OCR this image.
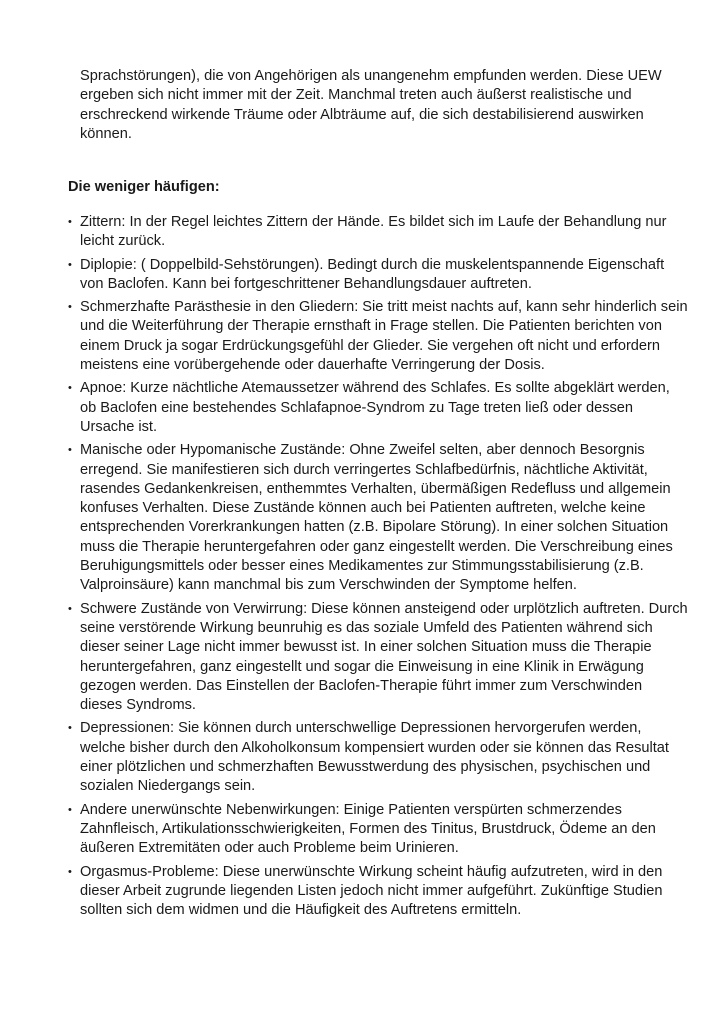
Sprachstörungen), die von Angehörigen als unangenehm empfunden werden. Diese UEW ergeben sich nicht immer mit der Zeit. Manchmal treten auch äußerst realistische und erschreckend wirkende Träume oder Albträume auf, die sich destabilisierend auswirken können.

Die weniger häufigen:
• Zittern: In der Regel leichtes Zittern der Hände. Es bildet sich im Laufe der Behandlung nur leicht zurück.
• Diplopie: ( Doppelbild-Sehstörungen). Bedingt durch die muskelentspannende Eigenschaft von Baclofen. Kann bei fortgeschrittener Behandlungsdauer auftreten.
• Schmerzhafte Parästhesie in den Gliedern: Sie tritt meist nachts auf, kann sehr hinderlich sein und die Weiterführung der Therapie ernsthaft in Frage stellen. Die Patienten berichten von einem Druck ja sogar Erdrückungsgefühl der Glieder. Sie vergehen oft nicht und erfordern meistens eine vorübergehende oder dauerhafte Verringerung der Dosis.
• Apnoe: Kurze nächtliche Atemaussetzer während des Schlafes. Es sollte abgeklärt werden, ob Baclofen eine bestehendes Schlafapnoe-Syndrom zu Tage treten ließ oder dessen Ursache ist.
• Manische oder Hypomanische Zustände: Ohne Zweifel selten, aber dennoch Besorgnis erregend. Sie manifestieren sich durch verringertes Schlafbedürfnis, nächtliche Aktivität, rasendes Gedankenkreisen, enthemmtes Verhalten, übermäßigen Redefluss und allgemein konfuses Verhalten. Diese Zustände können auch bei Patienten auftreten, welche keine entsprechenden Vorerkrankungen hatten (z.B. Bipolare Störung). In einer solchen Situation muss die Therapie heruntergefahren oder ganz eingestellt werden. Die Verschreibung eines Beruhigungsmittels oder besser eines Medikamentes zur Stimmungsstabilisierung (z.B. Valproinsäure) kann manchmal bis zum Verschwinden der Symptome helfen.
• Schwere Zustände von Verwirrung: Diese können ansteigend oder urplötzlich auftreten. Durch seine verstörende Wirkung beunruhig es das soziale Umfeld des Patienten während sich dieser seiner Lage nicht immer bewusst ist. In einer solchen Situation muss die Therapie heruntergefahren, ganz eingestellt und sogar die Einweisung in eine Klinik in Erwägung gezogen werden. Das Einstellen der Baclofen-Therapie führt immer zum Verschwinden dieses Syndroms.
• Depressionen: Sie können durch unterschwellige Depressionen hervorgerufen werden, welche bisher durch den Alkoholkonsum kompensiert wurden oder sie können das Resultat einer plötzlichen und schmerzhaften Bewusstwerdung des physischen, psychischen und sozialen Niedergangs sein.
• Andere unerwünschte Nebenwirkungen: Einige Patienten verspürten schmerzendes Zahnfleisch, Artikulationsschwierigkeiten, Formen des Tinitus, Brustdruck, Ödeme an den äußeren Extremitäten oder auch Probleme beim Urinieren.
• Orgasmus-Probleme: Diese unerwünschte Wirkung scheint häufig aufzutreten, wird in den dieser Arbeit zugrunde liegenden Listen jedoch nicht immer aufgeführt. Zukünftige Studien sollten sich dem widmen und die Häufigkeit des Auftretens ermitteln.
